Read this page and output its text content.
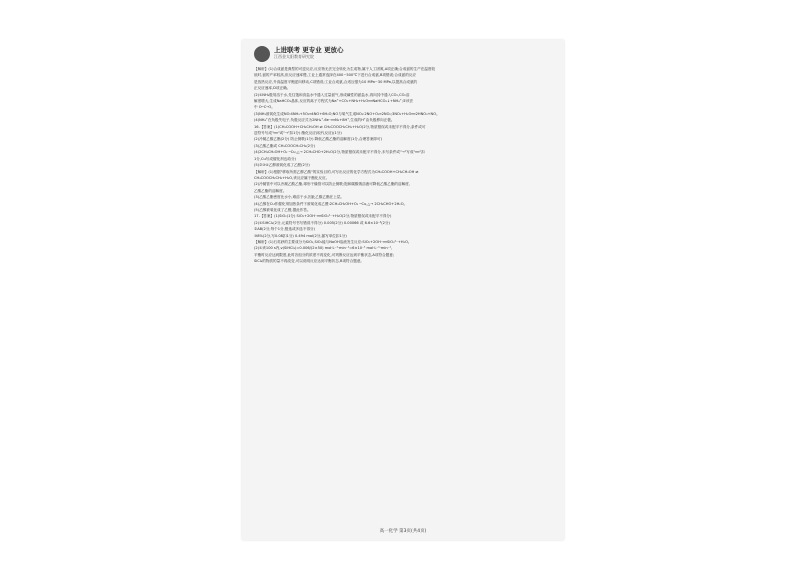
上进联考 更专业 更放心
江西金太阳教育研究院
【解析】(1)合成氨是典型的可逆反应,反应物无法完全转化为生成物,属于人工固氮,A项正确;合成氨的生产在温度较
低时,氨的产率较高,但反应速率慢,工业上通常选择在400~500℃下进行合成氨,B项错误;合成氨的反应
是放热反应,升高温度平衡逆向移动,C项错误;工业合成氨,合适压强为10 MPa~30 MPa,以提高合成氨的
正反应速率,D项正确。
(2)①NH₃极易溶于水,先往饱和食盐水中通入过量氨气,形成碱性的氨盐水,再向其中通入CO₂,CO₂溶
解度增大,生成NaHCO₃晶体,反应的离子方程式为Na⁺+CO₂+NH₃+H₂O══NaHCO₃↓+NH₄⁺;②该法
中 O─C─O。
(3)NH₃被氧化生成NO:4NH₃+5O₂═4NO+6H₂O;NO与氧气生成NO₂:2NO+O₂═2NO₂;3NO₂+H₂O══2HNO₃+NO。
(4)NH₄⁺在负极失电子,负极反应式为2NH₄⁺-6e⁻══N₂+8H⁺,生成的H⁺由负极移向正极。
16.【答案】(1)CH₃COOH+CH₃CH₂OH ⇌ CH₃COOCH₂CH₃+H₂O(2分,物质错误或未配平不得分,条件或可
逆符号写成"══"或"→"扣1分) 酯化反应(取代反应)(1分)
(2)冷凝乙酸乙酯(2分) 防止倒吸(1分) 降低乙酸乙酯的溶解度(1分,合理答案即可)
(3)乙酸乙酯或 CH₃COOCH₂CH₃(2分)
(4)2CH₃CH₂OH+O₂ ─Cu,△→ 2CH₃CHO+2H₂O(2分,物质错误或未配平不得分,未写条件或"→"写成"══"扣
1分,Cu写成催化剂也给分)
(5)②③④乙醇被氧化成了乙醛(2分)
【解析】(1)根据"移取所需乙醇乙酸"的实验目的,可写出反应的化学方程式为CH₃COOH+CH₃CH₂OH ⇌
CH₃COOCH₂CH₃+H₂O,该反应属于酯化反应。
(2)冷凝管中可以冷凝乙酸乙酯,球形干燥管可以防止倒吸;饱和碳酸钠溶液可降低乙酸乙酯的溶解度,
乙酸乙酯的溶解度。
(3)乙酸乙酯密度比水小,难溶于水,因此乙酸乙酯在上层。
(4)乙醇在Cu作催化剂加热条件下被氧化成乙醛:2CH₃CH₂OH+O₂ ─Cu,△→ 2CH₃CHO+2H₂O。
(5)乙醇被氧化成了乙醛,据此作答。
17.【答案】(1)SiO₂(1分) SiO₂+2OH⁻══SiO₃²⁻+H₂O(2分,物质错误或未配平不得分)
(2)①SiHCl₃(2分,元素符号书写错误不得分) 0.005(2分) 0.00066 或 6.6×10⁻⁴(2分)
②AB(2分,每个1分,错选或多选不得分)
③8%(2分,写0.08扣1分) 0.494 mol(2分,漏写单位扣1分)
【解析】(1)石英砂的主要成分为SiO₂,SiO₂能与NaOH溶液发生反应:SiO₂+2OH⁻══SiO₃²⁻+H₂O。
(2)①该100 s内,v(SiHCl₃)=0.006/(2×50) mol·L⁻¹·min⁻¹=6×10⁻⁵ mol·L⁻¹·min⁻¹,
平衡时反应达到限度,此时各组分的浓度不再变化,可判断反应达到平衡状态,A项符合题意;
SiCl₄的物质的量不再改变,可以说明反应达到平衡状态,B项符合题意。
高一化学 第3页(共4页)
